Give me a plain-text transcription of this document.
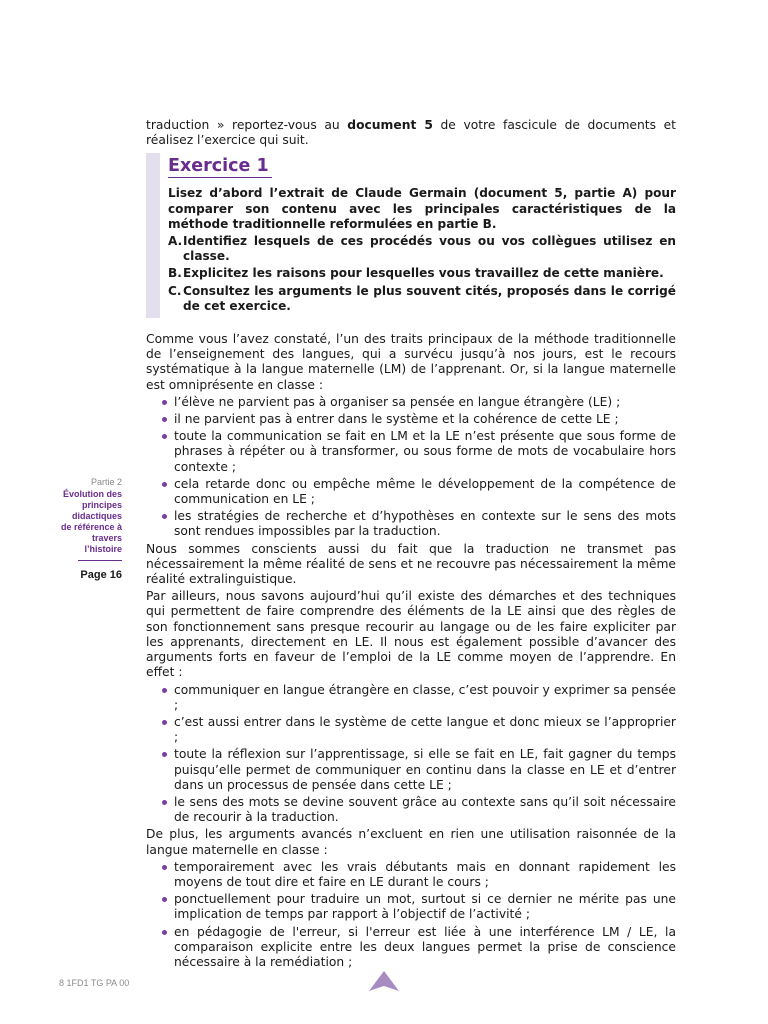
traduction » reportez-vous au document 5 de votre fascicule de documents et réalisez l’exercice qui suit.

Exercice 1

Lisez d’abord l’extrait de Claude Germain (document 5, partie A) pour comparer son contenu avec les principales caractéristiques de la méthode traditionnelle reformulées en partie B.

A. Identifiez lesquels de ces procédés vous ou vos collègues utilisez en classe.
B. Explicitez les raisons pour lesquelles vous travaillez de cette manière.
C. Consultez les arguments le plus souvent cités, proposés dans le corrigé de cet exercice.

Comme vous l’avez constaté, l’un des traits principaux de la méthode traditionnelle de l’enseignement des langues, qui a survécu jusqu’à nos jours, est le recours systématique à la langue maternelle (LM) de l’apprenant. Or, si la langue maternelle est omniprésente en classe :

l’élève ne parvient pas à organiser sa pensée en langue étrangère (LE) ;
il ne parvient pas à entrer dans le système et la cohérence de cette LE ;
toute la communication se fait en LM et la LE n’est présente que sous forme de phrases à répéter ou à transformer, ou sous forme de mots de vocabulaire hors contexte ;
cela retarde donc ou empêche même le développement de la compétence de communication en LE ;
les stratégies de recherche et d’hypothèses en contexte sur le sens des mots sont rendues impossibles par la traduction.

Nous sommes conscients aussi du fait que la traduction ne transmet pas nécessairement la même réalité de sens et ne recouvre pas nécessairement la même réalité extralinguistique.

Par ailleurs, nous savons aujourd’hui qu’il existe des démarches et des techniques qui permettent de faire comprendre des éléments de la LE ainsi que des règles de son fonctionnement sans presque recourir au langage ou de les faire expliciter par les apprenants, directement en LE. Il nous est également possible d’avancer des arguments forts en faveur de l’emploi de la LE comme moyen de l’apprendre. En effet :

communiquer en langue étrangère en classe, c’est pouvoir y exprimer sa pensée ;
c’est aussi entrer dans le système de cette langue et donc mieux se l’approprier ;
toute la réflexion sur l’apprentissage, si elle se fait en LE, fait gagner du temps puisqu’elle permet de communiquer en continu dans la classe en LE et d’entrer dans un processus de pensée dans cette LE ;
le sens des mots se devine souvent grâce au contexte sans qu’il soit nécessaire de recourir à la traduction.

De plus, les arguments avancés n’excluent en rien une utilisation raisonnée de la langue maternelle en classe :

temporairement avec les vrais débutants mais en donnant rapidement les moyens de tout dire et faire en LE durant le cours ;
ponctuellement pour traduire un mot, surtout si ce dernier ne mérite pas une implication de temps par rapport à l’objectif de l’activité ;
en pédagogie de l'erreur, si l'erreur est liée à une interférence LM / LE, la comparaison explicite entre les deux langues permet la prise de conscience nécessaire à la remédiation ;
Partie 2
Évolution des principes didactiques de référence à travers l’histoire
Page 16
8 1FD1 TG PA 00
